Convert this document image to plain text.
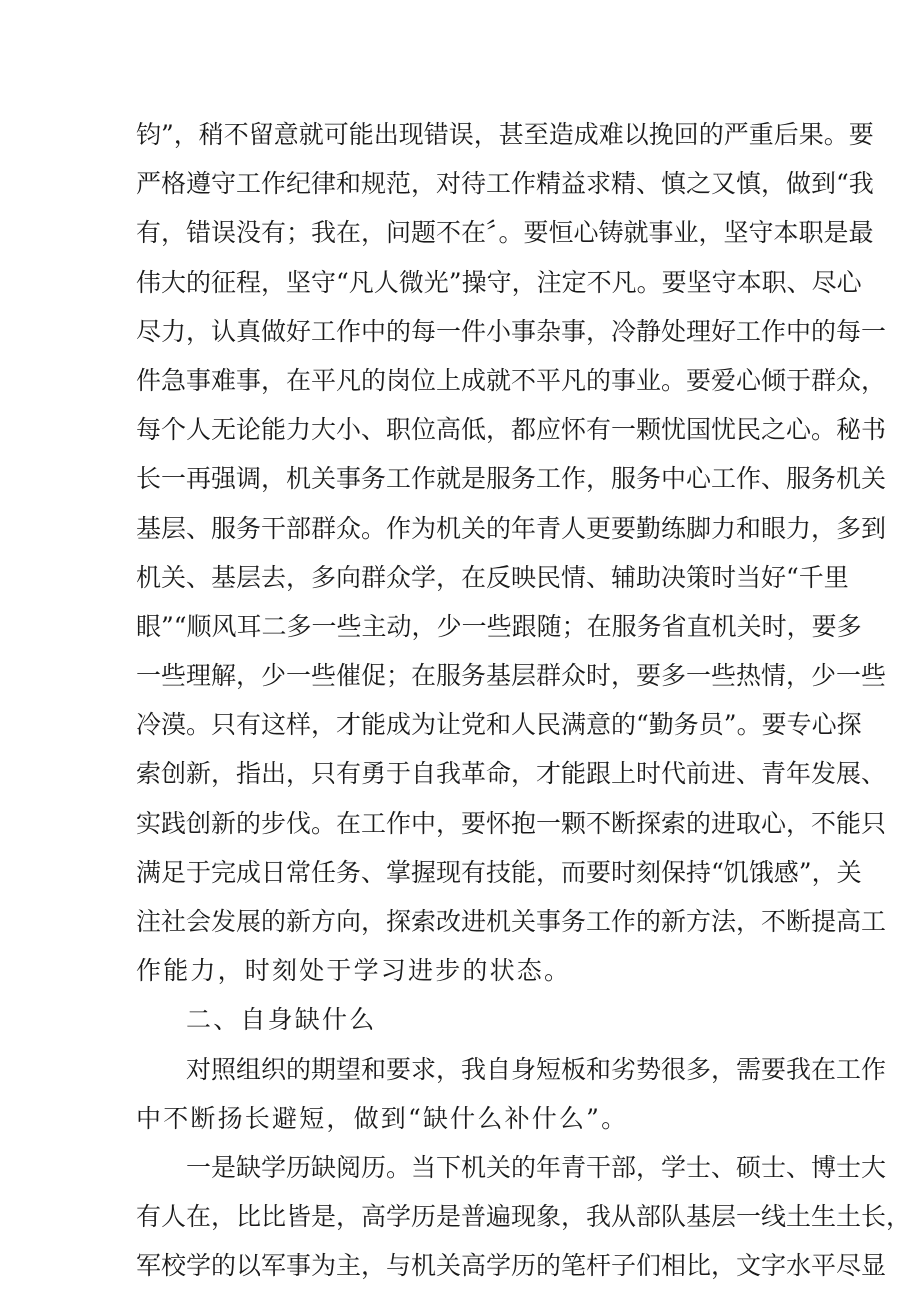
钧”，稍不留意就可能出现错误，甚至造成难以挽回的严重后果。要
严格遵守工作纪律和规范，对待工作精益求精、慎之又慎，做到“我
有，错误没有；我在，问题不在〞。要恒心铸就事业，坚守本职是最
伟大的征程，坚守“凡人微光”操守，注定不凡。要坚守本职、尽心
尽力，认真做好工作中的每一件小事杂事，冷静处理好工作中的每一
件急事难事，在平凡的岗位上成就不平凡的事业。要爱心倾于群众，
每个人无论能力大小、职位高低，都应怀有一颗忧国忧民之心。秘书
长一再强调，机关事务工作就是服务工作，服务中心工作、服务机关
基层、服务干部群众。作为机关的年青人更要勤练脚力和眼力，多到
机关、基层去，多向群众学，在反映民情、辅助决策时当好“千里
眼”“顺风耳二多一些主动，少一些跟随；在服务省直机关时，要多
一些理解，少一些催促；在服务基层群众时，要多一些热情，少一些
冷漠。只有这样，才能成为让党和人民满意的“勤务员”。要专心探
索创新，指出，只有勇于自我革命，才能跟上时代前进、青年发展、
实践创新的步伐。在工作中，要怀抱一颗不断探索的进取心，不能只
满足于完成日常任务、掌握现有技能，而要时刻保持“饥饿感”，关
注社会发展的新方向，探索改进机关事务工作的新方法，不断提高工
作能力，时刻处于学习进步的状态。
二、自身缺什么
对照组织的期望和要求，我自身短板和劣势很多，需要我在工作
中不断扬长避短，做到“缺什么补什么”。
一是缺学历缺阅历。当下机关的年青干部，学士、硕士、博士大
有人在，比比皆是，高学历是普遍现象，我从部队基层一线土生土长，
军校学的以军事为主，与机关高学历的笔杆子们相比，文字水平尽显
